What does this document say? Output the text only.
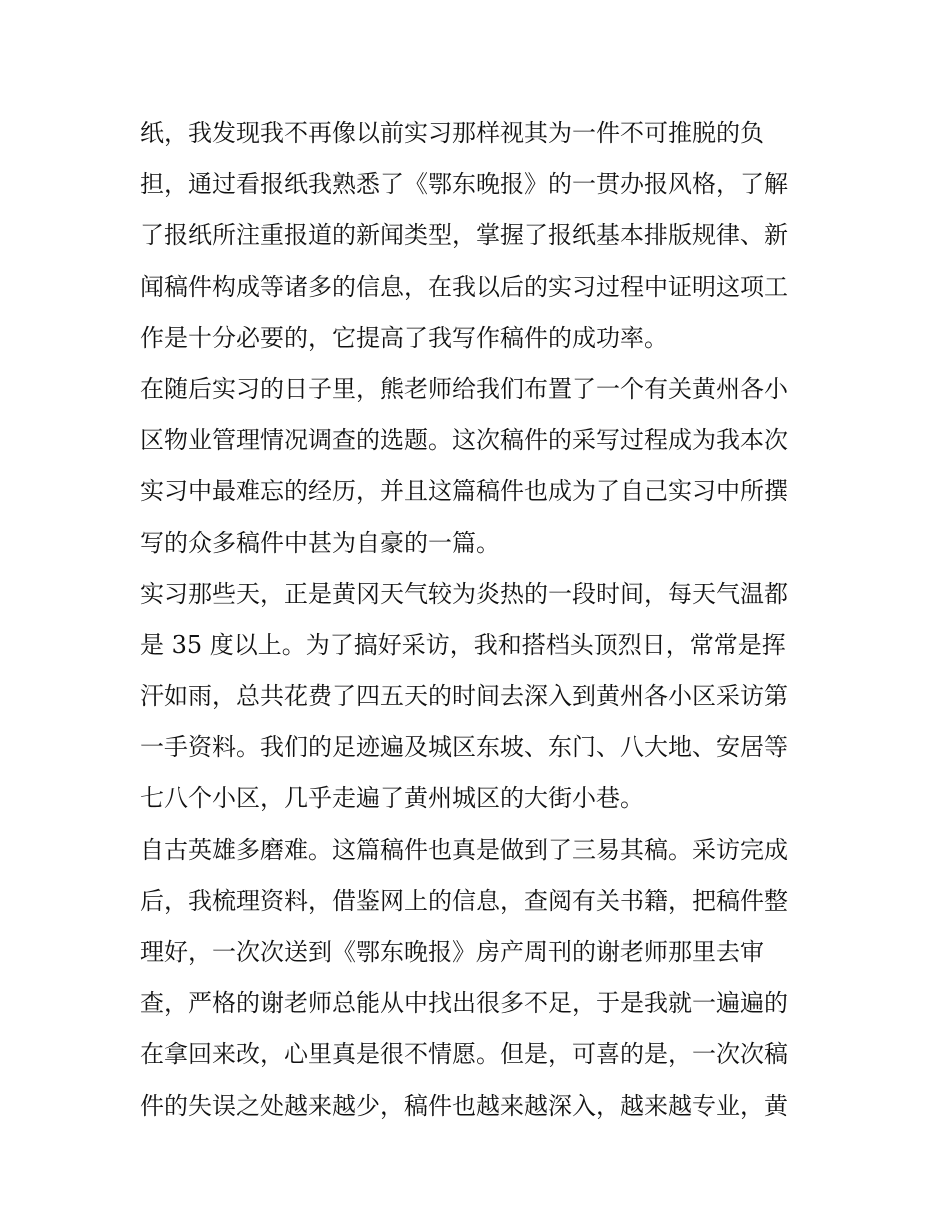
纸，我发现我不再像以前实习那样视其为一件不可推脱的负
担，通过看报纸我熟悉了《鄂东晚报》的一贯办报风格，了解
了报纸所注重报道的新闻类型，掌握了报纸基本排版规律、新
闻稿件构成等诸多的信息，在我以后的实习过程中证明这项工
作是十分必要的，它提高了我写作稿件的成功率。
在随后实习的日子里，熊老师给我们布置了一个有关黄州各小
区物业管理情况调查的选题。这次稿件的采写过程成为我本次
实习中最难忘的经历，并且这篇稿件也成为了自己实习中所撰
写的众多稿件中甚为自豪的一篇。
实习那些天，正是黄冈天气较为炎热的一段时间，每天气温都
是 35 度以上。为了搞好采访，我和搭档头顶烈日，常常是挥
汗如雨，总共花费了四五天的时间去深入到黄州各小区采访第
一手资料。我们的足迹遍及城区东坡、东门、八大地、安居等
七八个小区，几乎走遍了黄州城区的大街小巷。
自古英雄多磨难。这篇稿件也真是做到了三易其稿。采访完成
后，我梳理资料，借鉴网上的信息，查阅有关书籍，把稿件整
理好，一次次送到《鄂东晚报》房产周刊的谢老师那里去审
查，严格的谢老师总能从中找出很多不足，于是我就一遍遍的
在拿回来改，心里真是很不情愿。但是，可喜的是，一次次稿
件的失误之处越来越少，稿件也越来越深入，越来越专业，黄
